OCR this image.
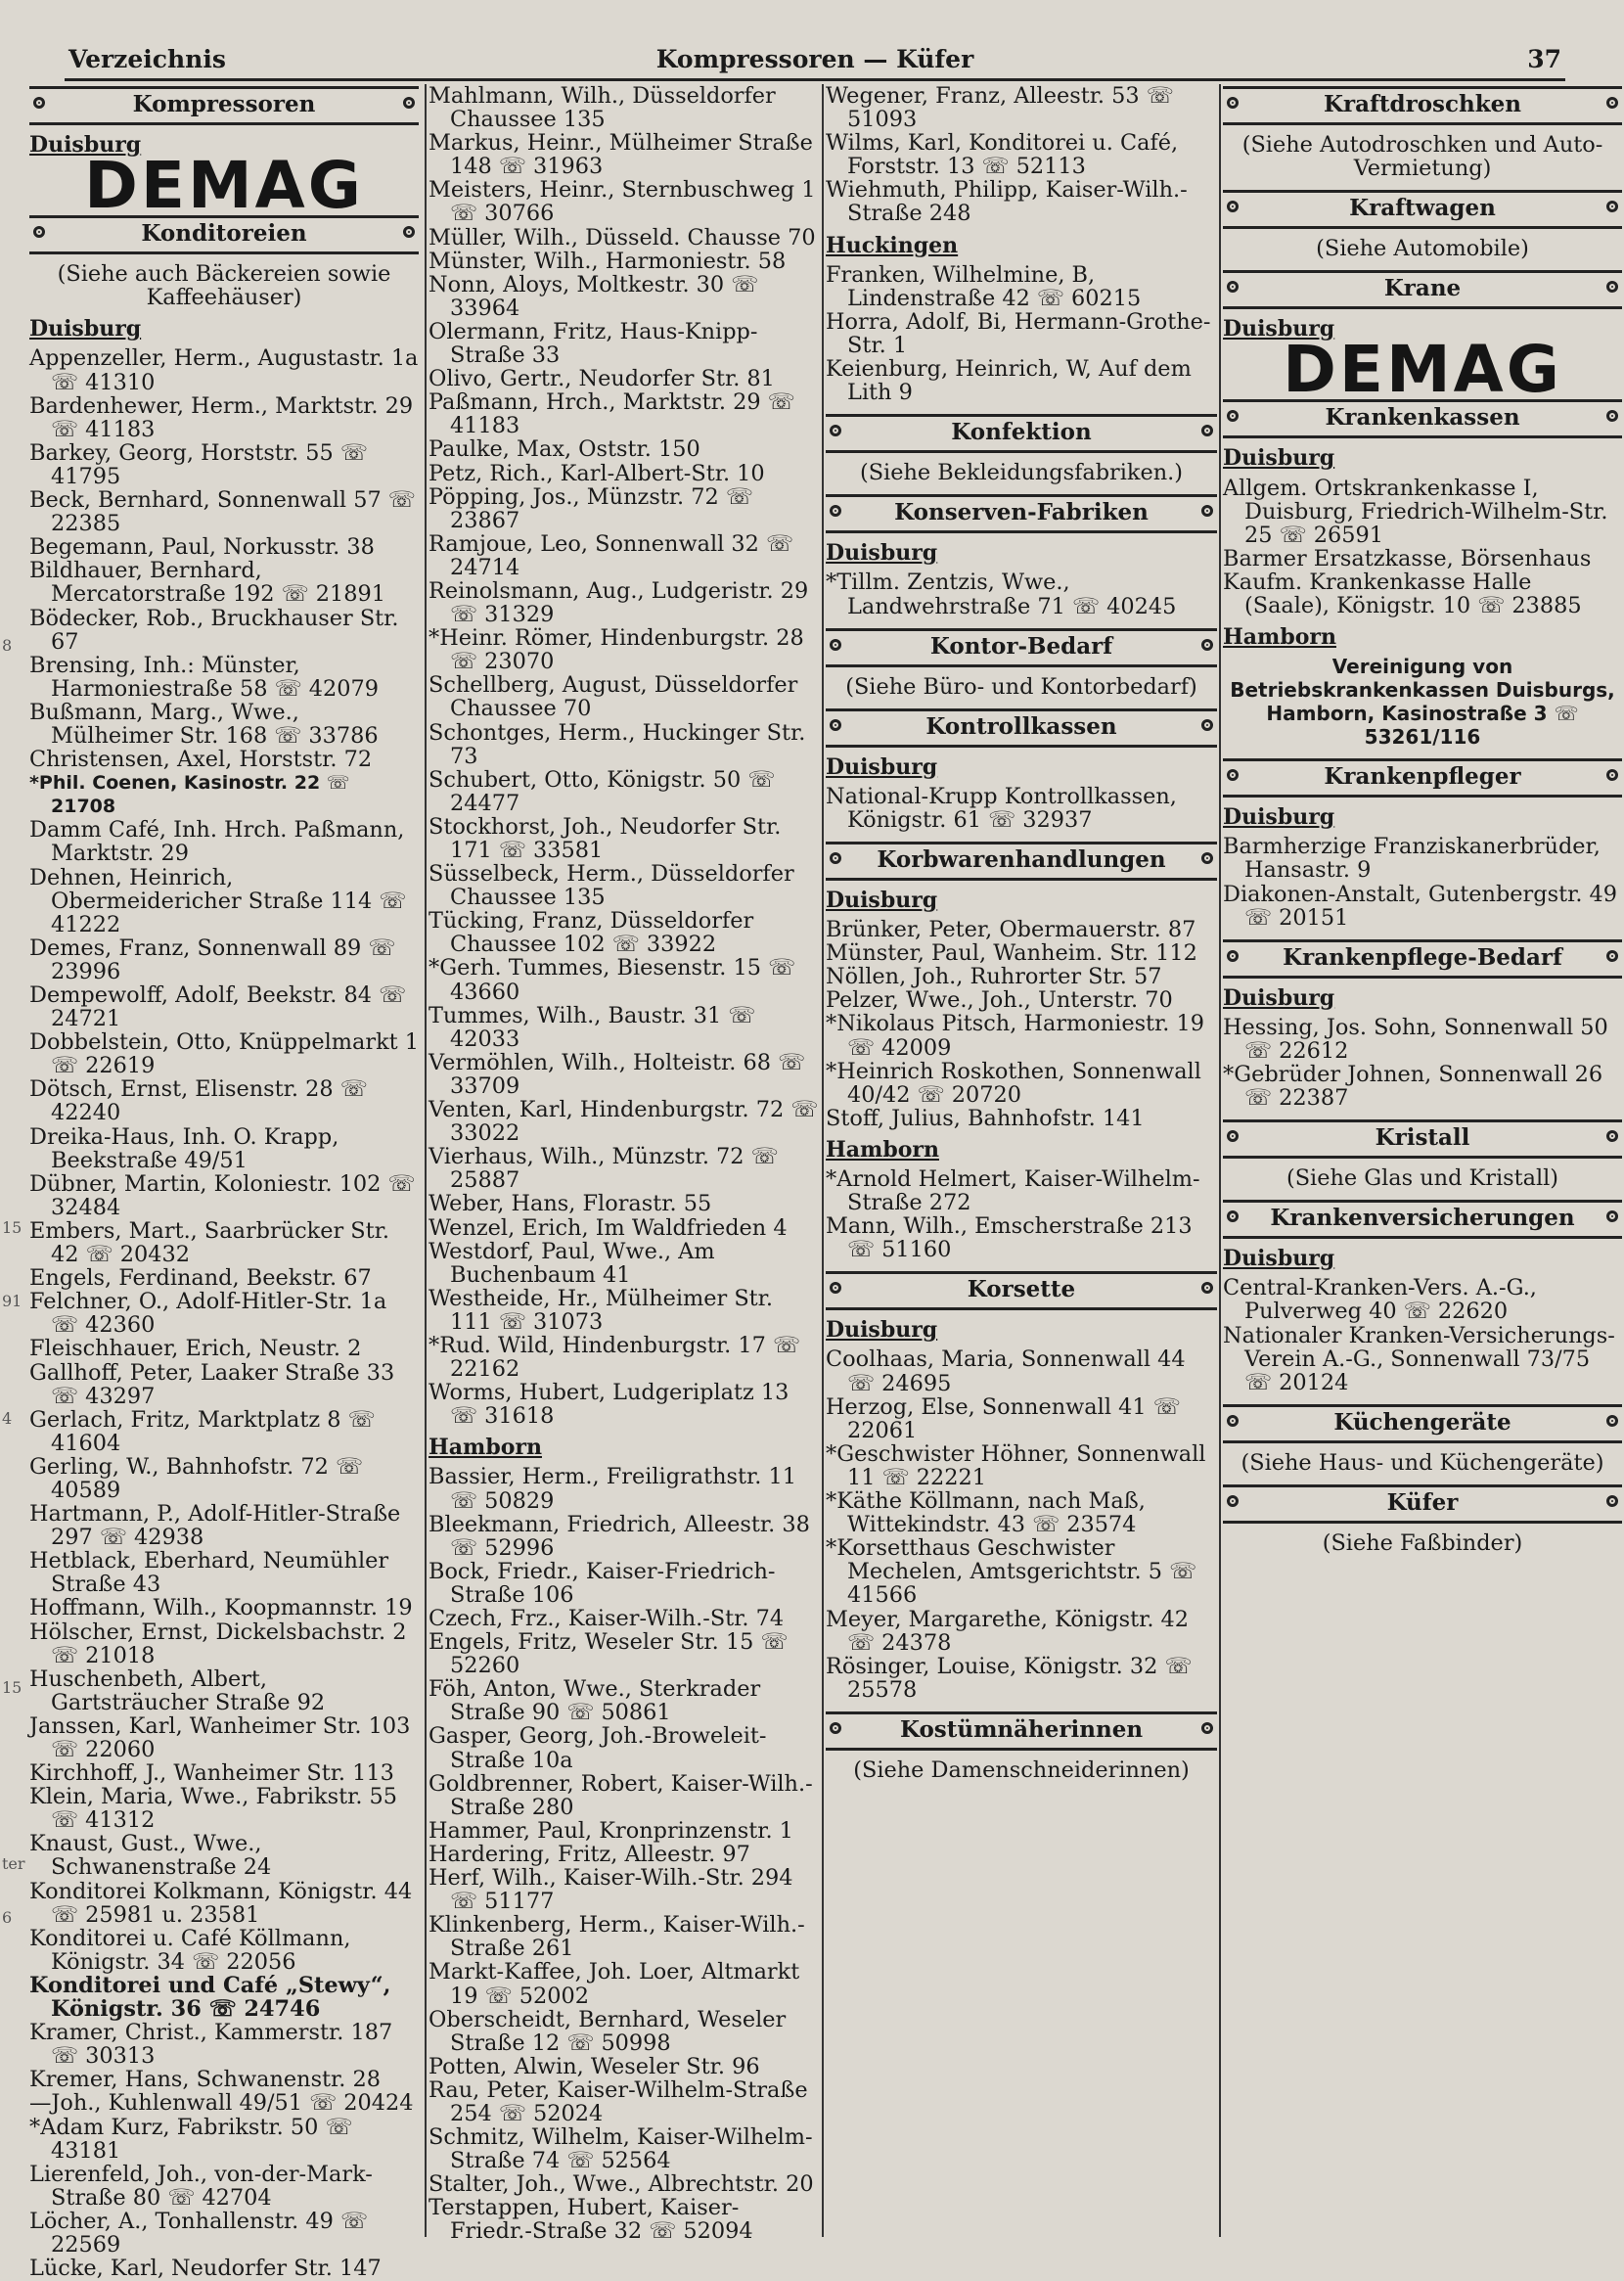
8
15
91
4
15
ter
6
Verzeichnis	Kompressoren — Küfer	37
Kompressoren
Duisburg
DEMAG
Konditoreien
(Siehe auch Bäckereien sowie Kaffeehäuser)
Duisburg

Appenzeller, Herm., Augustastr. 1a ☏ 41310

Bardenhewer, Herm., Marktstr. 29 ☏ 41183

Barkey, Georg, Horststr. 55 ☏ 41795

Beck, Bernhard, Sonnenwall 57 ☏ 22385

Begemann, Paul, Norkusstr. 38

Bildhauer, Bernhard, Mercatorstraße 192 ☏ 21891

Bödecker, Rob., Bruckhauser Str. 67

Brensing, Inh.: Münster, Harmoniestraße 58 ☏ 42079

Bußmann, Marg., Wwe., Mülheimer Str. 168 ☏ 33786

Christensen, Axel, Horststr. 72

*Phil. Coenen, Kasinostr. 22 ☏ 21708

Damm Café, Inh. Hrch. Paßmann, Marktstr. 29

Dehnen, Heinrich, Obermeidericher Straße 114 ☏ 41222

Demes, Franz, Sonnenwall 89 ☏ 23996

Dempewolff, Adolf, Beekstr. 84 ☏ 24721

Dobbelstein, Otto, Knüppelmarkt 1 ☏ 22619

Dötsch, Ernst, Elisenstr. 28 ☏ 42240

Dreika-Haus, Inh. O. Krapp, Beekstraße 49/51

Dübner, Martin, Koloniestr. 102 ☏ 32484

Embers, Mart., Saarbrücker Str. 42 ☏ 20432

Engels, Ferdinand, Beekstr. 67

Felchner, O., Adolf-Hitler-Str. 1a ☏ 42360

Fleischhauer, Erich, Neustr. 2

Gallhoff, Peter, Laaker Straße 33 ☏ 43297

Gerlach, Fritz, Marktplatz 8 ☏ 41604

Gerling, W., Bahnhofstr. 72 ☏ 40589

Hartmann, P., Adolf-Hitler-Straße 297 ☏ 42938

Hetblack, Eberhard, Neumühler Straße 43

Hoffmann, Wilh., Koopmannstr. 19

Hölscher, Ernst, Dickelsbachstr. 2 ☏ 21018

Huschenbeth, Albert, Gartsträucher Straße 92

Janssen, Karl, Wanheimer Str. 103 ☏ 22060

Kirchhoff, J., Wanheimer Str. 113

Klein, Maria, Wwe., Fabrikstr. 55 ☏ 41312

Knaust, Gust., Wwe., Schwanenstraße 24

Konditorei Kolkmann, Königstr. 44 ☏ 25981 u. 23581

Konditorei u. Café Köllmann, Königstr. 34 ☏ 22056

Konditorei und Café „Stewy“, Königstr. 36 ☏ 24746

Kramer, Christ., Kammerstr. 187 ☏ 30313

Kremer, Hans, Schwanenstr. 28

—Joh., Kuhlenwall 49/51 ☏ 20424

*Adam Kurz, Fabrikstr. 50 ☏ 43181

Lierenfeld, Joh., von-der-Mark-Straße 80 ☏ 42704

Löcher, A., Tonhallenstr. 49 ☏ 22569

Lücke, Karl, Neudorfer Str. 147

Mahlmann, Wilh., Düsseldorfer Chaussee 135

Markus, Heinr., Mülheimer Straße 148 ☏ 31963

Meisters, Heinr., Sternbuschweg 1 ☏ 30766

Müller, Wilh., Düsseld. Chausse 70

Münster, Wilh., Harmoniestr. 58

Nonn, Aloys, Moltkestr. 30 ☏ 33964

Olermann, Fritz, Haus-Knipp-Straße 33

Olivo, Gertr., Neudorfer Str. 81

Paßmann, Hrch., Marktstr. 29 ☏ 41183

Paulke, Max, Oststr. 150

Petz, Rich., Karl-Albert-Str. 10

Pöpping, Jos., Münzstr. 72 ☏ 23867

Ramjoue, Leo, Sonnenwall 32 ☏ 24714

Reinolsmann, Aug., Ludgeristr. 29 ☏ 31329

*Heinr. Römer, Hindenburgstr. 28 ☏ 23070

Schellberg, August, Düsseldorfer Chaussee 70

Schontges, Herm., Huckinger Str. 73

Schubert, Otto, Königstr. 50 ☏ 24477

Stockhorst, Joh., Neudorfer Str. 171 ☏ 33581

Süsselbeck, Herm., Düsseldorfer Chaussee 135

Tücking, Franz, Düsseldorfer Chaussee 102 ☏ 33922

*Gerh. Tummes, Biesenstr. 15 ☏ 43660

Tummes, Wilh., Baustr. 31 ☏ 42033

Vermöhlen, Wilh., Holteistr. 68 ☏ 33709

Venten, Karl, Hindenburgstr. 72 ☏ 33022

Vierhaus, Wilh., Münzstr. 72 ☏ 25887

Weber, Hans, Florastr. 55

Wenzel, Erich, Im Waldfrieden 4

Westdorf, Paul, Wwe., Am Buchenbaum 41

Westheide, Hr., Mülheimer Str. 111 ☏ 31073

*Rud. Wild, Hindenburgstr. 17 ☏ 22162

Worms, Hubert, Ludgeriplatz 13 ☏ 31618

Hamborn

Bassier, Herm., Freiligrathstr. 11 ☏ 50829

Bleekmann, Friedrich, Alleestr. 38 ☏ 52996

Bock, Friedr., Kaiser-Friedrich-Straße 106

Czech, Frz., Kaiser-Wilh.-Str. 74

Engels, Fritz, Weseler Str. 15 ☏ 52260

Föh, Anton, Wwe., Sterkrader Straße 90 ☏ 50861

Gasper, Georg, Joh.-Broweleit-Straße 10a

Goldbrenner, Robert, Kaiser-Wilh.-Straße 280

Hammer, Paul, Kronprinzenstr. 1

Hardering, Fritz, Alleestr. 97

Herf, Wilh., Kaiser-Wilh.-Str. 294 ☏ 51177

Klinkenberg, Herm., Kaiser-Wilh.-Straße 261

Markt-Kaffee, Joh. Loer, Altmarkt 19 ☏ 52002

Oberscheidt, Bernhard, Weseler Straße 12 ☏ 50998

Potten, Alwin, Weseler Str. 96

Rau, Peter, Kaiser-Wilhelm-Straße 254 ☏ 52024

Schmitz, Wilhelm, Kaiser-Wilhelm-Straße 74 ☏ 52564

Stalter, Joh., Wwe., Albrechtstr. 20

Terstappen, Hubert, Kaiser-Friedr.-Straße 32 ☏ 52094

Wegener, Franz, Alleestr. 53 ☏ 51093

Wilms, Karl, Konditorei u. Café, Forststr. 13 ☏ 52113

Wiehmuth, Philipp, Kaiser-Wilh.-Straße 248

Huckingen

Franken, Wilhelmine, B, Lindenstraße 42 ☏ 60215

Horra, Adolf, Bi, Hermann-Grothe-Str. 1

Keienburg, Heinrich, W, Auf dem Lith 9

Konfektion
(Siehe Bekleidungsfabriken.)
Konserven-Fabriken
Duisburg

*Tillm. Zentzis, Wwe., Landwehrstraße 71 ☏ 40245

Kontor-Bedarf
(Siehe Büro- und Kontorbedarf)
Kontrollkassen
Duisburg

National-Krupp Kontrollkassen, Königstr. 61 ☏ 32937

Korbwarenhandlungen
Duisburg

Brünker, Peter, Obermauerstr. 87

Münster, Paul, Wanheim. Str. 112

Nöllen, Joh., Ruhrorter Str. 57

Pelzer, Wwe., Joh., Unterstr. 70

*Nikolaus Pitsch, Harmoniestr. 19 ☏ 42009

*Heinrich Roskothen, Sonnenwall 40/42 ☏ 20720

Stoff, Julius, Bahnhofstr. 141

Hamborn

*Arnold Helmert, Kaiser-Wilhelm-Straße 272

Mann, Wilh., Emscherstraße 213 ☏ 51160

Korsette
Duisburg

Coolhaas, Maria, Sonnenwall 44 ☏ 24695

Herzog, Else, Sonnenwall 41 ☏ 22061

*Geschwister Höhner, Sonnenwall 11 ☏ 22221

*Käthe Köllmann, nach Maß, Wittekindstr. 43 ☏ 23574

*Korsetthaus Geschwister Mechelen, Amtsgerichtstr. 5 ☏ 41566

Meyer, Margarethe, Königstr. 42 ☏ 24378

Rösinger, Louise, Königstr. 32 ☏ 25578

Kostümnäherinnen
(Siehe Damenschneiderinnen)
Kraftdroschken
(Siehe Autodroschken und Auto-Vermietung)
Kraftwagen
(Siehe Automobile)
Krane
Duisburg
DEMAG
Krankenkassen
Duisburg

Allgem. Ortskrankenkasse I, Duisburg, Friedrich-Wilhelm-Str. 25 ☏ 26591

Barmer Ersatzkasse, Börsenhaus

Kaufm. Krankenkasse Halle (Saale), Königstr. 10 ☏ 23885

Hamborn
Vereinigung von Betriebskrankenkassen Duisburgs, Hamborn, Kasinostraße 3 ☏ 53261/116
Krankenpfleger
Duisburg

Barmherzige Franziskanerbrüder, Hansastr. 9

Diakonen-Anstalt, Gutenbergstr. 49 ☏ 20151

Krankenpflege-Bedarf
Duisburg

Hessing, Jos. Sohn, Sonnenwall 50 ☏ 22612

*Gebrüder Johnen, Sonnenwall 26 ☏ 22387

Kristall
(Siehe Glas und Kristall)
Krankenversicherungen
Duisburg

Central-Kranken-Vers. A.-G., Pulverweg 40 ☏ 22620

Nationaler Kranken-Versicherungs-Verein A.-G., Sonnenwall 73/75 ☏ 20124

Küchengeräte
(Siehe Haus- und Küchengeräte)
Küfer
(Siehe Faßbinder)
